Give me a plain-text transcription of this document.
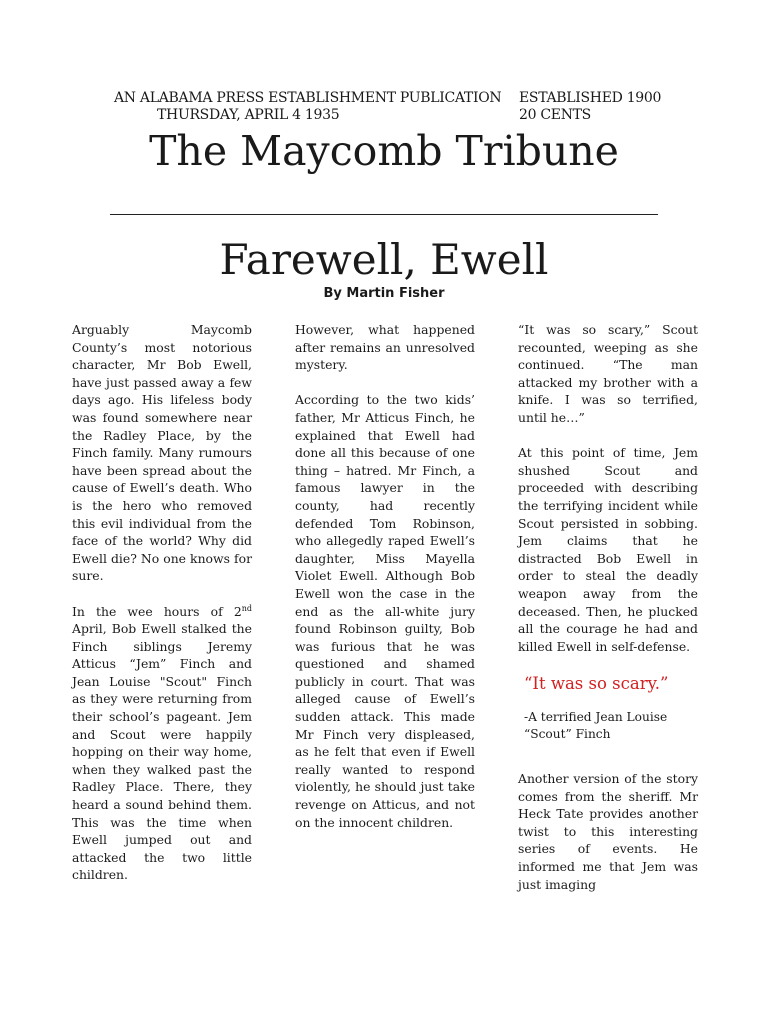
AN ALABAMA PRESS ESTABLISHMENT PUBLICATION
THURSDAY, APRIL 4 1935
ESTABLISHED 1900
20 CENTS
The Maycomb Tribune
Farewell, Ewell
By Martin Fisher

Arguably Maycomb County’s most notorious character, Mr Bob Ewell, have just passed away a few days ago. His lifeless body was found somewhere near the Radley Place, by the Finch family. Many rumours have been spread about the cause of Ewell’s death. Who is the hero who removed this evil individual from the face of the world? Why did Ewell die? No one knows for sure.

In the wee hours of 2nd April, Bob Ewell stalked the Finch siblings Jeremy Atticus “Jem” Finch and Jean Louise "Scout" Finch as they were returning from their school’s pageant. Jem and Scout were happily hopping on their way home, when they walked past the Radley Place. There, they heard a sound behind them. This was the time when Ewell jumped out and attacked the two little children.

However, what happened after remains an unresolved mystery.

According to the two kids’ father, Mr Atticus Finch, he explained that Ewell had done all this because of one thing – hatred. Mr Finch, a famous lawyer in the county, had recently defended Tom Robinson, who allegedly raped Ewell’s daughter, Miss Mayella Violet Ewell. Although Bob Ewell won the case in the end as the all-white jury found Robinson guilty, Bob was furious that he was questioned and shamed publicly in court. That was alleged cause of Ewell’s sudden attack. This made Mr Finch very displeased, as he felt that even if Ewell really wanted to respond violently, he should just take revenge on Atticus, and not on the innocent children.

“It was so scary,” Scout recounted, weeping as she continued. “The man attacked my brother with a knife. I was so terrified, until he…”

At this point of time, Jem shushed Scout and proceeded with describing the terrifying incident while Scout persisted in sobbing. Jem claims that he distracted Bob Ewell in order to steal the deadly weapon away from the deceased. Then, he plucked all the courage he had and killed Ewell in self-defense.

“It was so scary.”
-A terrified Jean Louise
“Scout” Finch

Another version of the story comes from the sheriff. Mr Heck Tate provides another twist to this interesting series of events. He informed me that Jem was just imaging
